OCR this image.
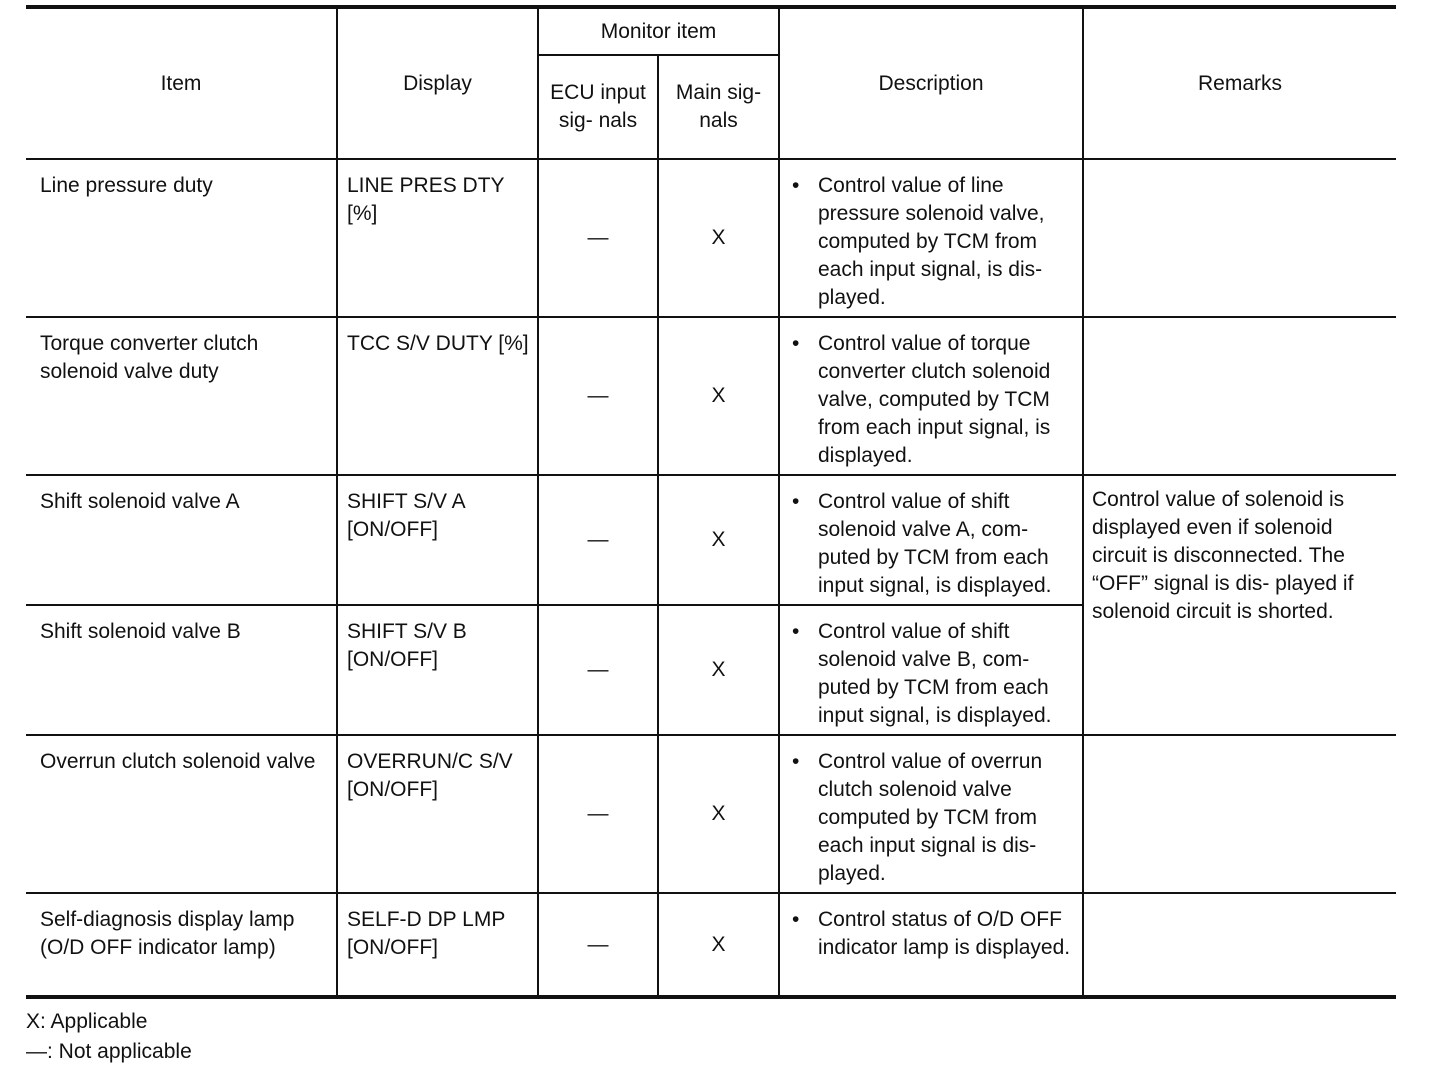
Item	Display	Monitor item		Description	Remarks
		ECU input sig- nals	Main sig- nals		
Line pressure duty	LINE PRES DTY [%]	—	X	• Control value of line pressure solenoid valve, computed by TCM from each input signal, is dis- played.	

Torque converter clutch solenoid valve duty	TCC S/V DUTY [%]	—	X	• Control value of torque converter clutch solenoid valve, computed by TCM from each input signal, is displayed.	

Shift solenoid valve A	SHIFT S/V A [ON/OFF]	—	X	• Control value of shift solenoid valve A, com- puted by TCM from each input signal, is displayed.	Control value of solenoid is displayed even if solenoid circuit is disconnected. The “OFF” signal is dis- played if solenoid circuit is shorted.
Shift solenoid valve B	SHIFT S/V B [ON/OFF]	—	X	• Control value of shift solenoid valve B, com- puted by TCM from each input signal, is displayed.	

Overrun clutch solenoid valve	OVERRUN/C S/V [ON/OFF]	—	X	• Control value of overrun clutch solenoid valve computed by TCM from each input signal is dis- played.	

Self-diagnosis display lamp (O/D OFF indicator lamp)	SELF-D DP LMP [ON/OFF]	—	X	• Control status of O/D OFF indicator lamp is displayed.	

X: Applicable
—: Not applicable
